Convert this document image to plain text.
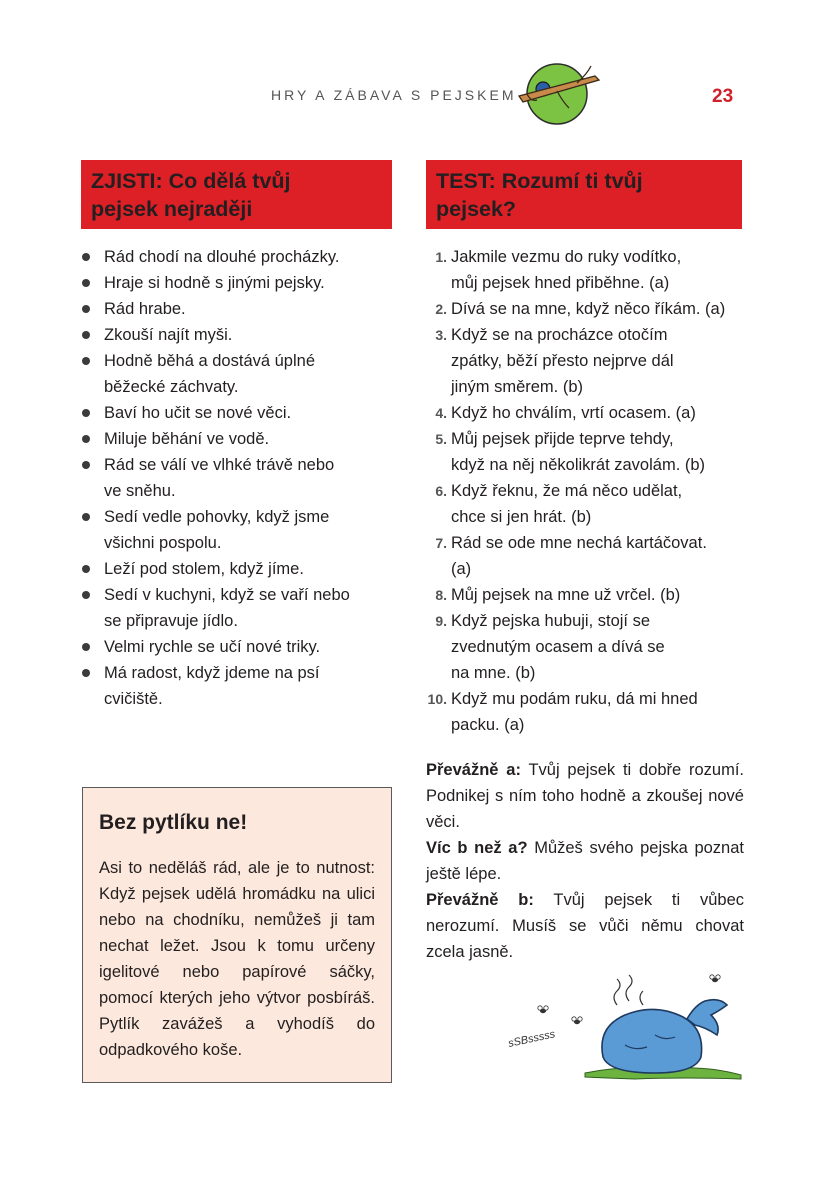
HRY A ZÁBAVA S PEJSKEM	23
ZJISTI: Co dělá tvůj
pejsek nejraději
TEST: Rozumí ti tvůj
pejsek?
Rád chodí na dlouhé procházky.
Hraje si hodně s jinými pejsky.
Rád hrabe.
Zkouší najít myši.
Hodně běhá a dostává úplné
běžecké záchvaty.
Baví ho učit se nové věci.
Miluje běhání ve vodě.
Rád se válí ve vlhké trávě nebo
ve sněhu.
Sedí vedle pohovky, když jsme
všichni pospolu.
Leží pod stolem, když jíme.
Sedí v kuchyni, když se vaří nebo
se připravuje jídlo.
Velmi rychle se učí nové triky.
Má radost, když jdeme na psí
cvičiště.
1. Jakmile vezmu do ruky vodítko,
můj pejsek hned přiběhne. (a)
2. Dívá se na mne, když něco říkám. (a)
3. Když se na procházce otočím
zpátky, běží přesto nejprve dál
jiným směrem. (b)
4. Když ho chválím, vrtí ocasem. (a)
5. Můj pejsek přijde teprve tehdy,
když na něj několikrát zavolám. (b)
6. Když řeknu, že má něco udělat,
chce si jen hrát. (b)
7. Rád se ode mne nechá kartáčovat.
(a)
8. Můj pejsek na mne už vrčel. (b)
9. Když pejska hubuji, stojí se
zvednutým ocasem a dívá se
na mne. (b)
10. Když mu podám ruku, dá mi hned
packu. (a)

Převážně a: Tvůj pejsek ti dobře rozumí. Podnikej s ním toho hodně a zkoušej nové věci.

Víc b než a? Můžeš svého pejska poznat ještě lépe.

Převážně b: Tvůj pejsek ti vůbec nerozumí. Musíš se vůči němu chovat zcela jasně.

Bez pytlíku ne!

Asi to neděláš rád, ale je to nutnost: Když pejsek udělá hromádku na ulici nebo na chodníku, nemůžeš ji tam nechat ležet. Jsou k tomu určeny igelitové nebo papírové sáčky, pomocí kterých jeho výtvor posbíráš. Pytlík zavážeš a vyhodíš do odpadkového koše.

sSBsssss
